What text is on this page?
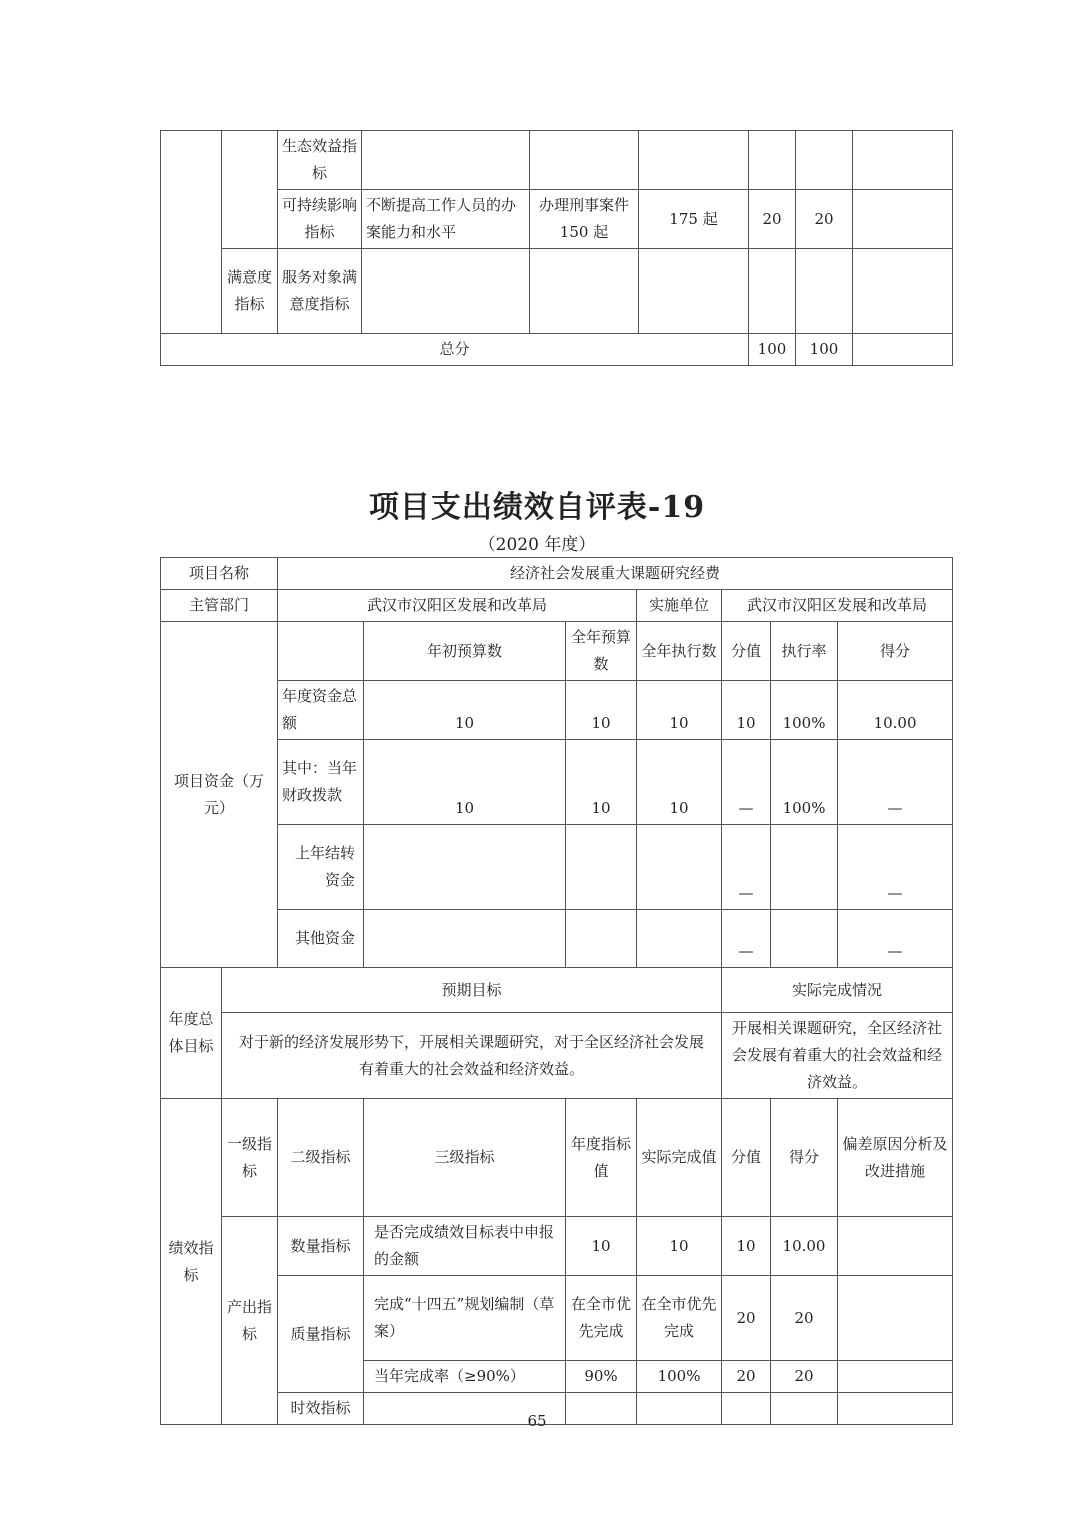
		生态效益指标						
		可持续影响指标	不断提高工作人员的办案能力和水平	办理刑事案件 150 起	175 起	20	20	
	满意度指标	服务对象满意度指标						
总分						100	100	
项目支出绩效自评表-19
（2020 年度）
项目名称		经济社会发展重大课题研究经费						
主管部门		武汉市汉阳区发展和改革局			实施单位	武汉市汉阳区发展和改革局		
项目资金（万元）			年初预算数	全年预算数	全年执行数	分值	执行率	得分
		年度资金总额	10	10	10	10	100%	10.00
		其中：当年财政拨款	10	10	10	—	100%	—
		上年结转资金				—		—
		其他资金				—		—
年度总体目标	预期目标					实际完成情况		
	对于新的经济发展形势下，开展相关课题研究，对于全区经济社会发展有着重大的社会效益和经济效益。					开展相关课题研究，全区经济社会发展有着重大的社会效益和经济效益。		
绩效指标	一级指标	二级指标	三级指标	年度指标值	实际完成值	分值	得分	偏差原因分析及改进措施
	产出指标	数量指标	是否完成绩效目标表中申报的金额	10	10	10	10.00	
		质量指标	完成“十四五”规划编制（草案）	在全市优先完成	在全市优先完成	20	20	
			当年完成率（≥90%）	90%	100%	20	20	
		时效指标						
65
